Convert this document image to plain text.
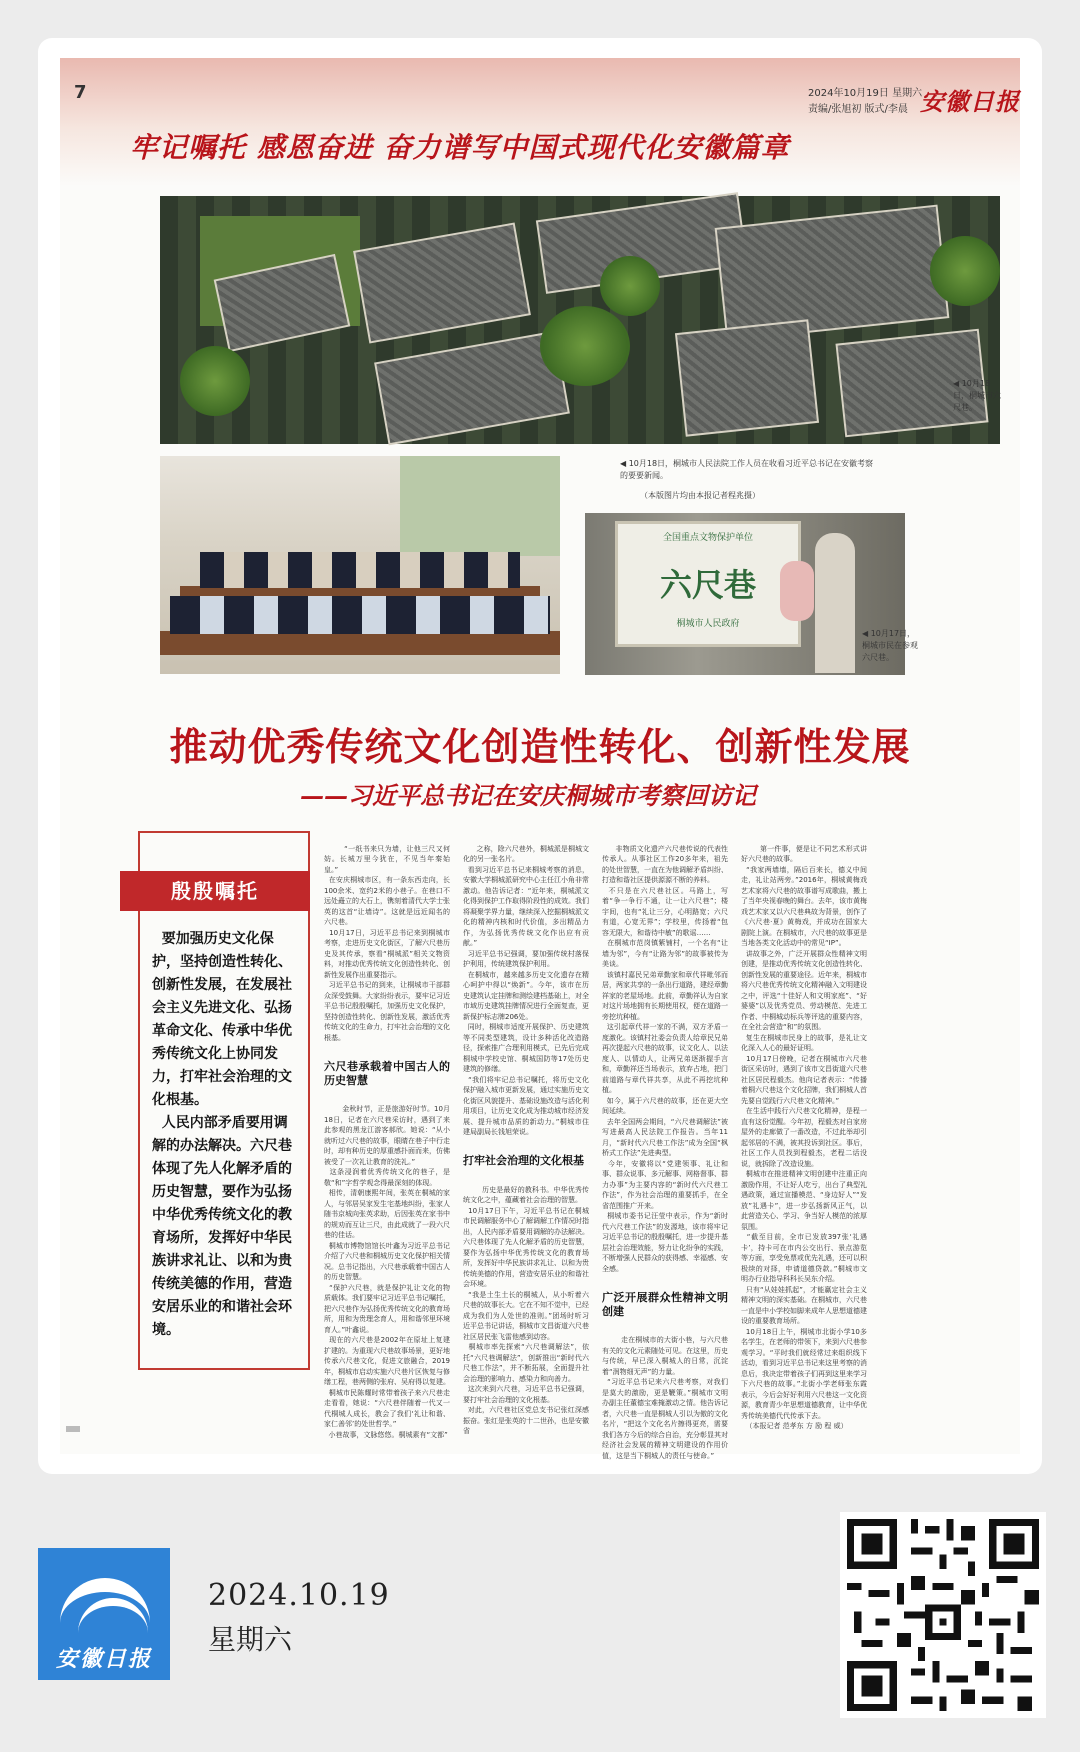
7	2024年10月19日 星期六
责编/张旭初 版式/李晨 安徽日报
牢记嘱托 感恩奋进 奋力谱写中国式现代化安徽篇章
◀ 10月18日，桐城市六尺巷。
◀ 10月18日，桐城市人民法院工作人员在收看习近平总书记在安徽考察的要要新闻。
（本版图片均由本报记者程兆摄）
全国重点文物保护单位
六尺巷
桐城市人民政府
◀ 10月17日，桐城市民在参观六尺巷。
推动优秀传统文化创造性转化、创新性发展
——习近平总书记在安庆桐城市考察回访记
殷殷嘱托
要加强历史文化保护，坚持创造性转化、创新性发展，在发展社会主义先进文化、弘扬革命文化、传承中华优秀传统文化上协同发力，打牢社会治理的文化根基。
人民内部矛盾要用调解的办法解决。六尺巷体现了先人化解矛盾的历史智慧，要作为弘扬中华优秀传统文化的教育场所，发挥好中华民族讲求礼让、以和为贵传统美德的作用，营造安居乐业的和谐社会环境。

“一纸书来只为墙，让他三尺又何妨。长城万里今犹在，不见当年秦始皇。”
在安庆桐城市区，有一条东西走向，长100余米、宽约2米的小巷子。在巷口不远处矗立的大石上，镌刻着清代大学士张英的这首“让墙诗”。这就是远近闻名的六尺巷。
10月17日，习近平总书记来到桐城市考察，走进历史文化街区，了解六尺巷历史及其传承，察看“桐城派”相关文物资料，对推动优秀传统文化创造性转化、创新性发展作出重要指示。
习近平总书记的到来，让桐城市干部群众深受鼓舞。大家纷纷表示，要牢记习近平总书记殷殷嘱托，加强历史文化保护，坚持创造性转化、创新性发展，激活优秀传统文化的生命力，打牢社会治理的文化根基。

六尺巷承载着中国古人的历史智慧

金秋时节，正是旅游好时节。10月18日，记者在六尺巷采访时，遇到了来此参观的黑龙江游客郝欣。她说：“从小就听过六尺巷的故事，眼睛在巷子中行走时，却有种历史的厚重感扑面而来，仿佛被受了一次礼让教育的洗礼。”
这条浸润着优秀传统文化的巷子，是敬“和”字哲学观念得最深刻的体现。
相传，清朝康熙年间，张英在桐城的家人，与邻居吴家发生宅基地纠纷，张家人随书京城向张英求助，后因张英在家书中的规劝而互让三尺，由此成就了一段六尺巷的佳话。
桐城市博物馆馆长叶鑫为习近平总书记介绍了六尺巷和桐城历史文化保护相关情况。总书记指出，六尺巷承载着中国古人的历史智慧。
“保护六尺巷，就是保护礼让文化的物质载体。我们要牢记习近平总书记嘱托，把六尺巷作为弘扬优秀传统文化的教育场所，用和为贵理念育人，用和谐邻里环境育人。”叶鑫说。
现在的六尺巷是2002年在原址上复建扩建的。为重现六尺巷故事场景，更好地传承六尺巷文化，促进文旅融合，2019年，桐城市启动实施六尺巷片区恢复与修缮工程，巷两侧的张府、吴府得以复建。
桐城市民陈耀时常带着孩子来六尺巷走走看看，她说：“六尺巷伴随着一代又一代桐城人成长，教会了我们‘礼让和谐、家仁善邻’的处世哲学。”
小巷故事，文脉悠悠。桐城素有“文都”

之称，除六尺巷外，桐城派是桐城文化的另一张名片。
看到习近平总书记来桐城考察的消息，安徽大学桐城派研究中心主任江小角非常激动。他告诉记者：“近年来，桐城派文化得到保护工作取得阶段性的成效。我们将凝聚学界力量，继续深入挖掘桐城派文化的精神内核和时代价值，多出精品力作，为弘扬优秀传统文化作出应有贡献。”
习近平总书记强调，要加强传统村落保护利用，传统建筑保护利用。
在桐城市，越来越多历史文化遗存在精心呵护中得以“焕新”。今年，该市在历史建筑认定挂牌和测绘建档基础上，对全市域历史建筑挂牌情况进行全面复查，更新保护标志牌206处。
同时，桐城市适度开展保护、历史建筑等不同类型建筑，设计多种活化改造路径，探索推广合理利用模式，已先后完成桐城中学校史馆、桐城国防等17处历史建筑的修缮。
“我们将牢记总书记嘱托，将历史文化保护融入城市更新发展，通过实施历史文化街区风貌提升、基础设施改造与活化利用项目，让历史文化成为推动城市经济发展、提升城市品质的新动力。”桐城市住建局副局长钱旭荣说。

打牢社会治理的文化根基

历史是最好的教科书。中华优秀传统文化之中，蕴藏着社会治理的智慧。
10月17日下午，习近平总书记在桐城市民调解服务中心了解调解工作情况时指出，人民内部矛盾要用调解的办法解决。六尺巷体现了先人化解矛盾的历史智慧，要作为弘扬中华优秀传统文化的教育场所，发挥好中华民族讲求礼让、以和为贵传统美德的作用，营造安居乐业的和谐社会环境。
“我是土生土长的桐城人，从小听着六尺巷的故事长大。它在不知不觉中，已经成为我们为人处世的准则。”团场时听习近平总书记讲话，桐城市文昌街道六尺巷社区居民张飞雷他感到动容。
桐城市率先探索“六尺巷调解法”，依托“六尺巷调解法”，创新推出“新时代六尺巷工作法”，并不断拓展，全面提升社会治理的影响力、感染力和向善力。
这次来到六尺巷，习近平总书记强调，要打牢社会治理的文化根基。
对此，六尺巷社区党总支书记张红深感振奋。张红是张英的十二世孙，也是安徽省

非物质文化遗产六尺巷传说的代表性传承人。从事社区工作20多年来，祖先的处世智慧，一直在为他调解矛盾纠纷、打造和谐社区提供源源不断的养料。
不只是在六尺巷社区。马路上，写着“争一争行不通，让一让六尺巷”；楼宇间，也有“礼让三分，心明路宽；六尺有道，心宽无界”；学校里，传扬着“包容无限大，和谐待中敏”的歌谣……
在桐城市范岗镇紫铺村，一个名有“让墙为邻”，今有“让路为邻”的故事被传为美谈。
该镇村嘉民兄弟章勤家和章代祥毗邻而居，两家共享的一条出行道路，建经章勤祥家的老屋场地。此前，章勤祥认为自家对这片场地拥有长期使用权，便在道路一旁挖坑种植。
这引起章代祥一家的不满，双方矛盾一度激化。该镇村社委会负责人给章民兄弟再次提起六尺巷的故事，议文化人、以法度人、以情动人，让两兄弟逐渐握手言和，章勤祥还当场表示，放弃占地，把门前道路与章代祥共享，从此不再挖坑种植。
如今，属于六尺巷的故事，还在更大空间延续。
去年全国两会期间，“六尺巷调解法”被写进最高人民法院工作报告。当年11月，“新时代六尺巷工作法”成为全国“枫桥式工作法”先进典型。
今年，安徽将以“党建领事、礼让和事、群众说事、多元解事、网格督事、群力办事”为主要内容的“新时代六尺巷工作法”，作为社会治理的重要抓手，在全省范围推广开来。
桐城市委书记汪莹中表示，作为“新时代六尺巷工作法”的发源地，该市将牢记习近平总书记的殷殷嘱托，进一步提升基层社会治理效能，努力让化纷争的实践，不断增强人民群众的获得感、幸福感、安全感。

广泛开展群众性精神文明创建

走在桐城市的大街小巷，与六尺巷有关的文化元素随处可见。在这里，历史与传统，早已深入桐城人的日常，沉淀着“润物细无声”的力量。
“习近平总书记来六尺巷考察，对我们是莫大的激励，更是鞭策。”桐城市文明办副主任董德宝难掩激动之情。他告诉记者，六尺巷一直是桐城人引以为傲的文化名片，“把这个文化名片擦得更亮，需要我们各方今后的综合自治，充分彰显其对经济社会发展的精神文明建设的作用价值，这是当下桐城人的责任与使命。”

第一件事，便是让不同艺术形式讲好六尺巷的故事。
“我家两墙墙，隔后百来长，德义中间走，礼让站两旁。”2016年，桐城黄梅戏艺术家将六尺巷的故事谱写成歌曲，搬上了当年央视春晚的舞台。去年，该市黄梅戏艺术家又以六尺巷典故为背景，创作了《六尺巷·夏》黄梅戏，并成功在国家大剧院上演。在桐城市，六尺巷的故事更是当地各类文化活动中的常见“IP”。
讲故事之外，广泛开展群众性精神文明创建，是推动优秀传统文化创造性转化、创新性发展的重要途径。近年来，桐城市将六尺巷优秀传统文化精神融入文明建设之中，评选“十佳好人和文明家庭”、“好婆婆”以及优秀党员、劳动模范、先进工作者、中桐城动标兵等评选的重要内容，在全社会营造“和”的氛围。
复生在桐城市民身上的故事，是礼让文化深入人心的最好证明。
10月17日傍晚，记者在桐城市六尺巷街区采访时，遇到了该市文昌街道六尺巷社区居民程毅杰。他向记者表示：“传播着桐六尺巷这个文化招牌，我们桐城人首先要自觉践行六尺巷文化精神。”
在生活中践行六尺巷文化精神，是程一直有这份觉醒。今年初，程毅杰对自家房屋外的走廊做了一番改造，不过此举却引起邻居的不满，被其投诉到社区。事后，社区工作人员找到程毅杰，老程二话没说，就拆除了改造设施。
桐城市在推进精神文明创建中注重正向激励作用，不让好人吃亏，出台了典型礼遇政策，通过宣播模范、“身边好人”“发放”礼遇卡”，进一步弘扬新风正气，以此营造关心、学习、争当好人模范的浓厚氛围。
“截至目前，全市已发放397张‘礼遇卡’，持卡可在市内公交出行、景点游览等方面，享受免票或优先礼遇，还可以积极续的对择，申请道德贷款。”桐城市文明办行业指导科科长吴东介绍。
只有“从娃娃抓起”，才能赢定社会主义精神文明的深实基础。在桐城市，六尺巷一直是中小学校如脚来成年人思想道德建设的重要教育场所。
10月18日上午，桐城市北街小学10多名学生，在老师的带领下，来到六尺巷参观学习。“平时我们就经常过来组织线下活动，看到习近平总书记来这里考察的消息后，我决定带着孩子们再到这里来学习下六尺巷的故事。”北街小学老师张东霞表示，今后会好好利用六尺巷这一文化资源，教育青少年思想道德教育，让中华优秀传统美德代代传承下去。
（本报记者 范孝东 方 励 程 威）

安徽日报
2024.10.19
星期六
